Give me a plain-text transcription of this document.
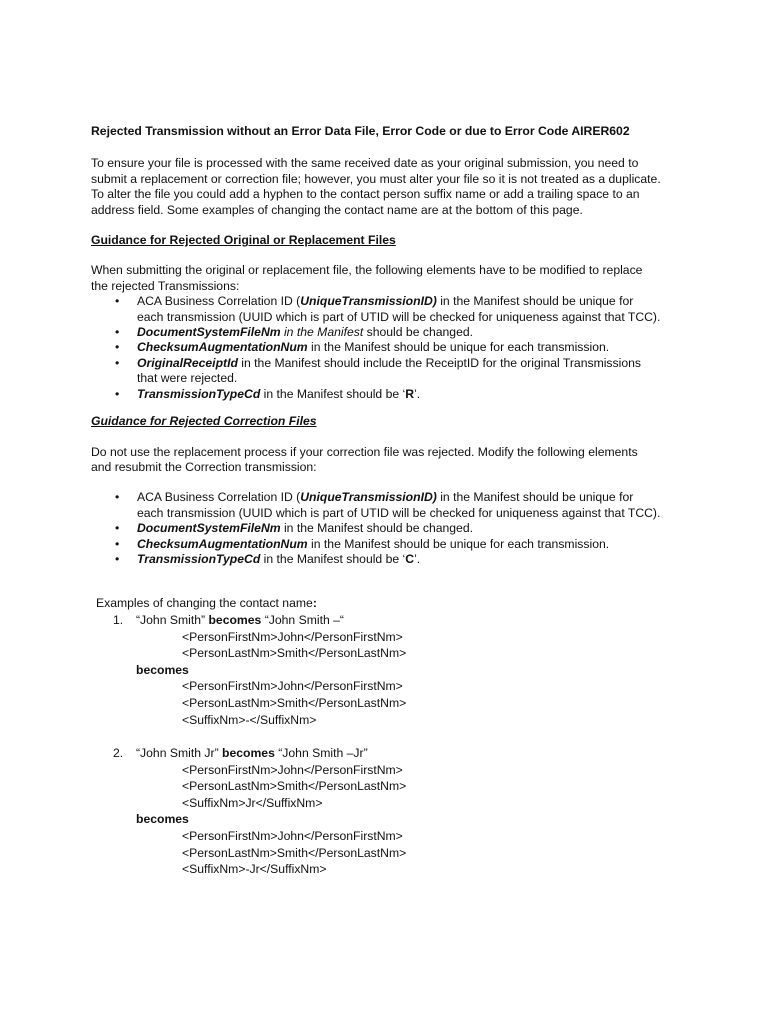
Rejected Transmission without an Error Data File, Error Code or due to Error Code AIRER602

To ensure your file is processed with the same received date as your original submission, you need to

submit a replacement or correction file; however, you must alter your file so it is not treated as a duplicate.

To alter the file you could add a hyphen to the contact person suffix name or add a trailing space to an

address field. Some examples of changing the contact name are at the bottom of this page.

Guidance for Rejected Original or Replacement Files

When submitting the original or replacement file, the following elements have to be modified to replace

the rejected Transmissions:

• ACA Business Correlation ID (UniqueTransmissionID) in the Manifest should be unique for
each transmission (UUID which is part of UTID will be checked for uniqueness against that TCC).
• DocumentSystemFileNm in the Manifest should be changed.
• ChecksumAugmentationNum in the Manifest should be unique for each transmission.
• OriginalReceiptId in the Manifest should include the ReceiptID for the original Transmissions
that were rejected.
• TransmissionTypeCd in the Manifest should be ‘R’.

Guidance for Rejected Correction Files

Do not use the replacement process if your correction file was rejected. Modify the following elements

and resubmit the Correction transmission:

• ACA Business Correlation ID (UniqueTransmissionID) in the Manifest should be unique for
each transmission (UUID which is part of UTID will be checked for uniqueness against that TCC).
• DocumentSystemFileNm in the Manifest should be changed.
• ChecksumAugmentationNum in the Manifest should be unique for each transmission.
• TransmissionTypeCd in the Manifest should be ‘C’.
Examples of changing the contact name:
1. “John Smith” becomes “John Smith –“
<PersonFirstNm>John</PersonFirstNm>
<PersonLastNm>Smith</PersonLastNm>
becomes
<PersonFirstNm>John</PersonFirstNm>
<PersonLastNm>Smith</PersonLastNm>
<SuffixNm>-</SuffixNm>
2. “John Smith Jr” becomes “John Smith –Jr”
<PersonFirstNm>John</PersonFirstNm>
<PersonLastNm>Smith</PersonLastNm>
<SuffixNm>Jr</SuffixNm>
becomes
<PersonFirstNm>John</PersonFirstNm>
<PersonLastNm>Smith</PersonLastNm>
<SuffixNm>-Jr</SuffixNm>
